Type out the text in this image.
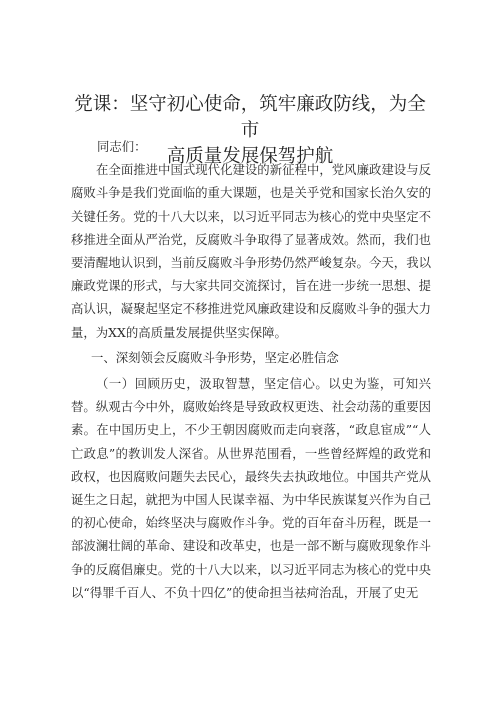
党课：坚守初心使命，筑牢廉政防线，为全市
高质量发展保驾护航

同志们：

在全面推进中国式现代化建设的新征程中，党风廉政建设与反腐败斗争是我们党面临的重大课题，也是关乎党和国家长治久安的关键任务。党的十八大以来，以习近平同志为核心的党中央坚定不移推进全面从严治党，反腐败斗争取得了显著成效。然而，我们也要清醒地认识到，当前反腐败斗争形势仍然严峻复杂。今天，我以廉政党课的形式，与大家共同交流探讨，旨在进一步统一思想、提高认识，凝聚起坚定不移推进党风廉政建设和反腐败斗争的强大力量，为XX的高质量发展提供坚实保障。

一、深刻领会反腐败斗争形势，坚定必胜信念

（一）回顾历史，汲取智慧，坚定信心。以史为鉴，可知兴替。纵观古今中外，腐败始终是导致政权更迭、社会动荡的重要因素。在中国历史上，不少王朝因腐败而走向衰落，“政息宦成”“人亡政息”的教训发人深省。从世界范围看，一些曾经辉煌的政党和政权，也因腐败问题失去民心，最终失去执政地位。中国共产党从诞生之日起，就把为中国人民谋幸福、为中华民族谋复兴作为自己的初心使命，始终坚决与腐败作斗争。党的百年奋斗历程，既是一部波澜壮阔的革命、建设和改革史，也是一部不断与腐败现象作斗争的反腐倡廉史。党的十八大以来，以习近平同志为核心的党中央以“得罪千百人、不负十四亿”的使命担当祛疴治乱，开展了史无
